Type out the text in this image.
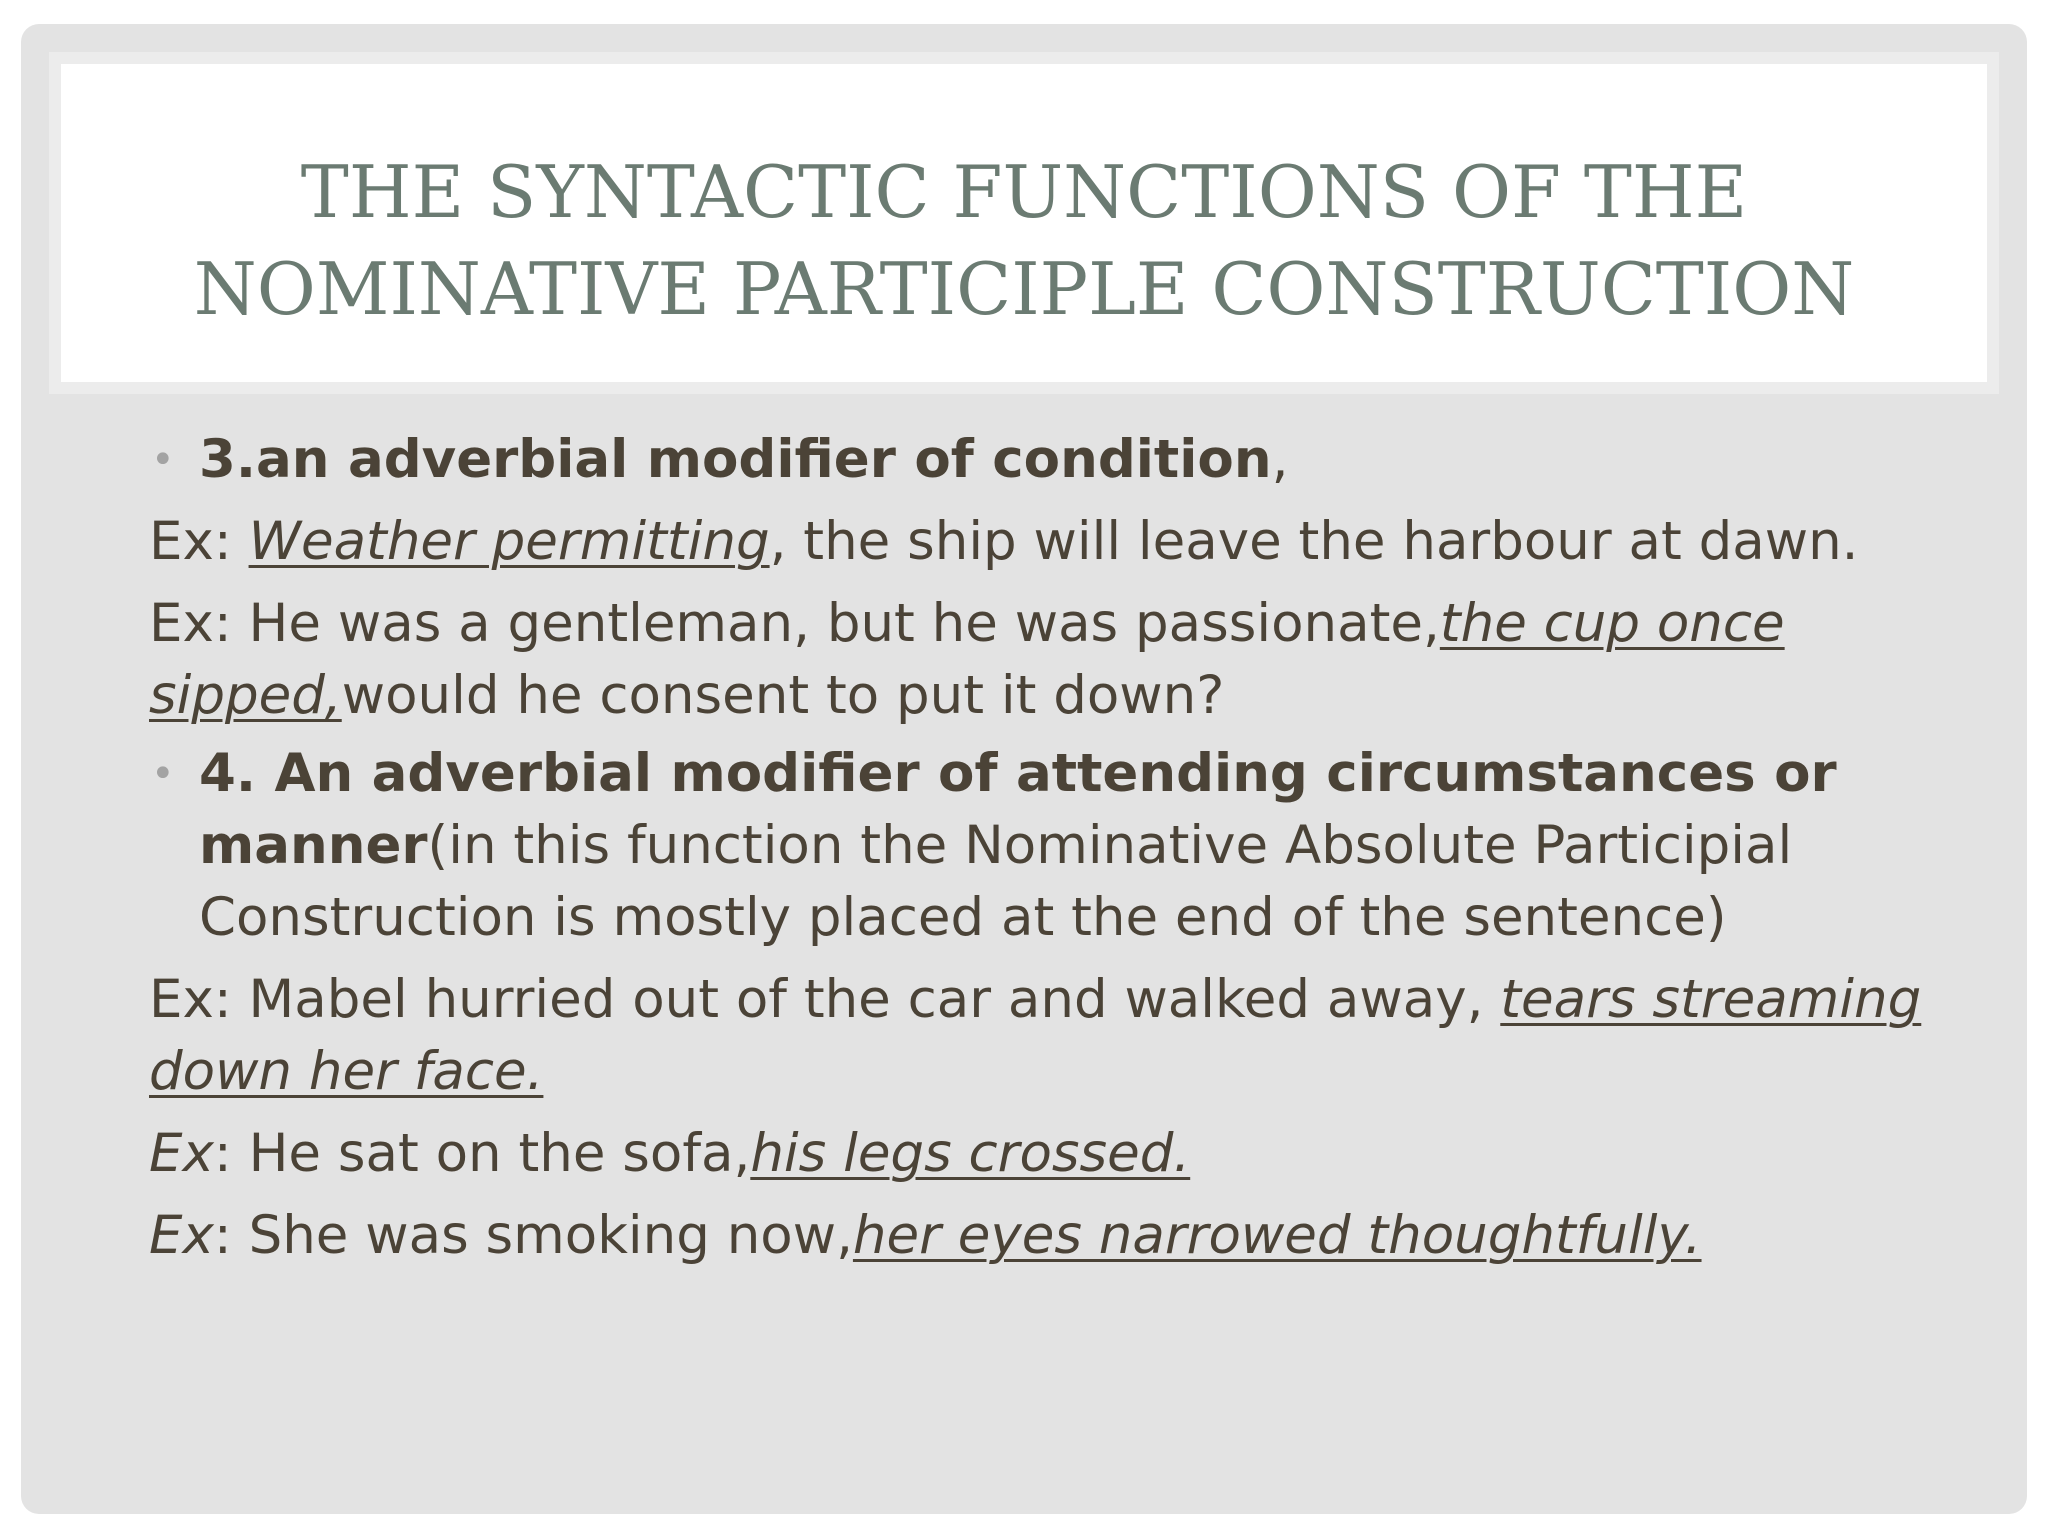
THE SYNTACTIC FUNCTIONS OF THE
NOMINATIVE PARTICIPLE CONSTRUCTION

• 3.an adverbial modifier of condition,

Ex: Weather permitting, the ship will leave the harbour at dawn.

Ex: He was a gentleman, but he was passionate,the cup once sipped,would he consent to put it down?

• 4. An adverbial modifier of attending circumstances or manner(in this function the Nominative Absolute Participial Construction is mostly placed at the end of the sentence)

Ex: Mabel hurried out of the car and walked away, tears streaming down her face.

Ex: He sat on the sofa,his legs crossed.

Ex: She was smoking now,her eyes narrowed thoughtfully.
